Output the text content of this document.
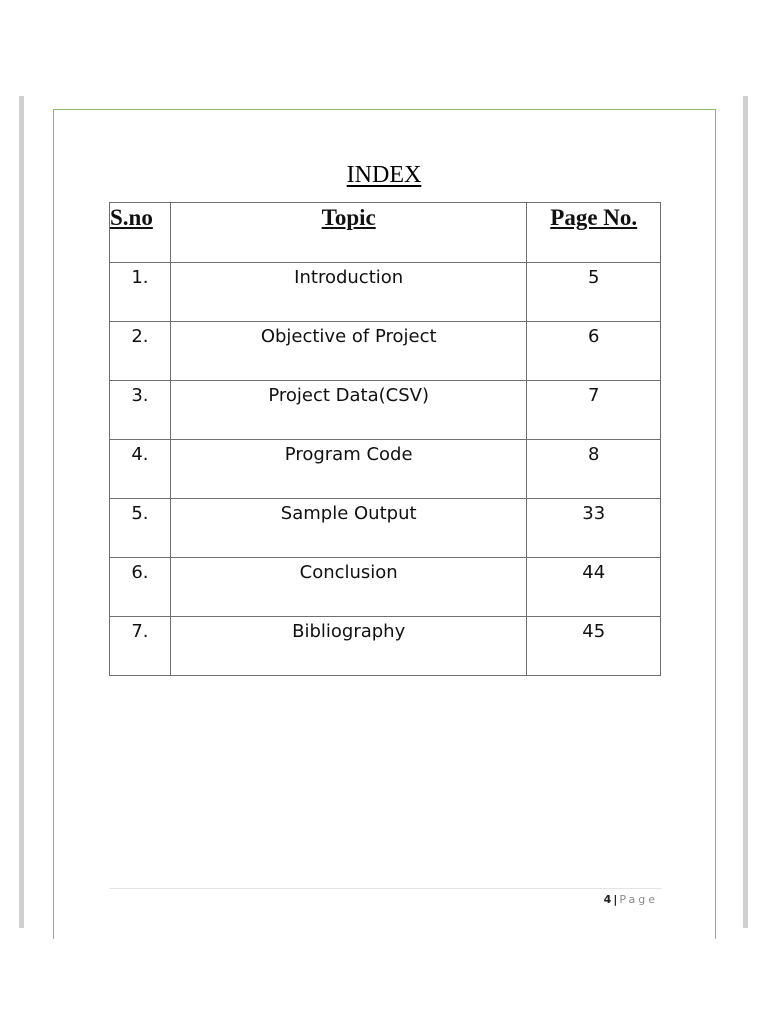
INDEX
S.no	Topic	Page No.
1.	Introduction	5
2.	Objective of Project	6
3.	Project Data(CSV)	7
4.	Program Code	8
5.	Sample Output	33
6.	Conclusion	44
7.	Bibliography	45
4 | Page
